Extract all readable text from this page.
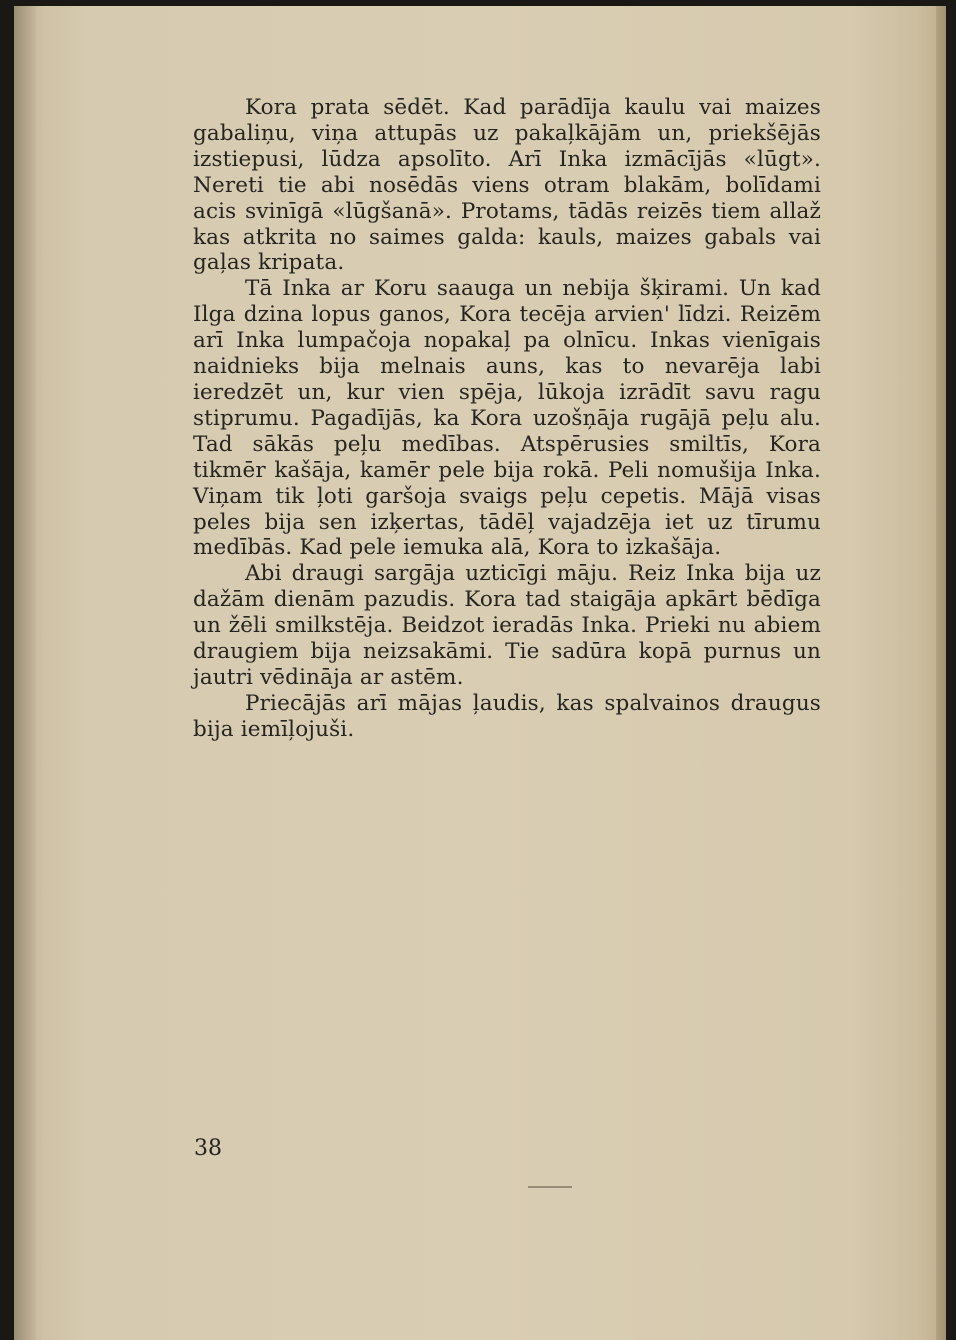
Kora prata sēdēt. Kad parādīja kaulu vai maizes gabaliņu, viņa attupās uz pakaļkājām un, priekšējās izstiepusi, lūdza apsolīto. Arī Inka izmācījās «lūgt». Nereti tie abi nosēdās viens otram blakām, bolīdami acis svinīgā «lūgšanā». Protams, tādās reizēs tiem allaž kas atkrita no saimes galda: kauls, maizes gabals vai gaļas kripata.

Tā Inka ar Koru saauga un nebija šķirami. Un kad Ilga dzina lopus ganos, Kora tecēja arvien' līdzi. Reizēm arī Inka lumpačoja nopakaļ pa olnīcu. Inkas vienīgais naidnieks bija melnais auns, kas to nevarēja labi ieredzēt un, kur vien spēja, lūkoja izrādīt savu ragu stiprumu. Pagadījās, ka Kora uzošņāja rugājā peļu alu. Tad sākās peļu medības. Atspērusies smiltīs, Kora tikmēr kašāja, kamēr pele bija rokā. Peli nomušija Inka. Viņam tik ļoti garšoja svaigs peļu cepetis. Mājā visas peles bija sen izķertas, tādēļ vajadzēja iet uz tīrumu medībās. Kad pele iemuka alā, Kora to izkašāja.

Abi draugi sargāja uzticīgi māju. Reiz Inka bija uz dažām dienām pazudis. Kora tad staigāja apkārt bēdīga un žēli smilkstēja. Beidzot ieradās Inka. Prieki nu abiem draugiem bija neizsakāmi. Tie sadūra kopā purnus un jautri vēdināja ar astēm.

Priecājās arī mājas ļaudis, kas spalvainos draugus bija iemīļojuši.

38
